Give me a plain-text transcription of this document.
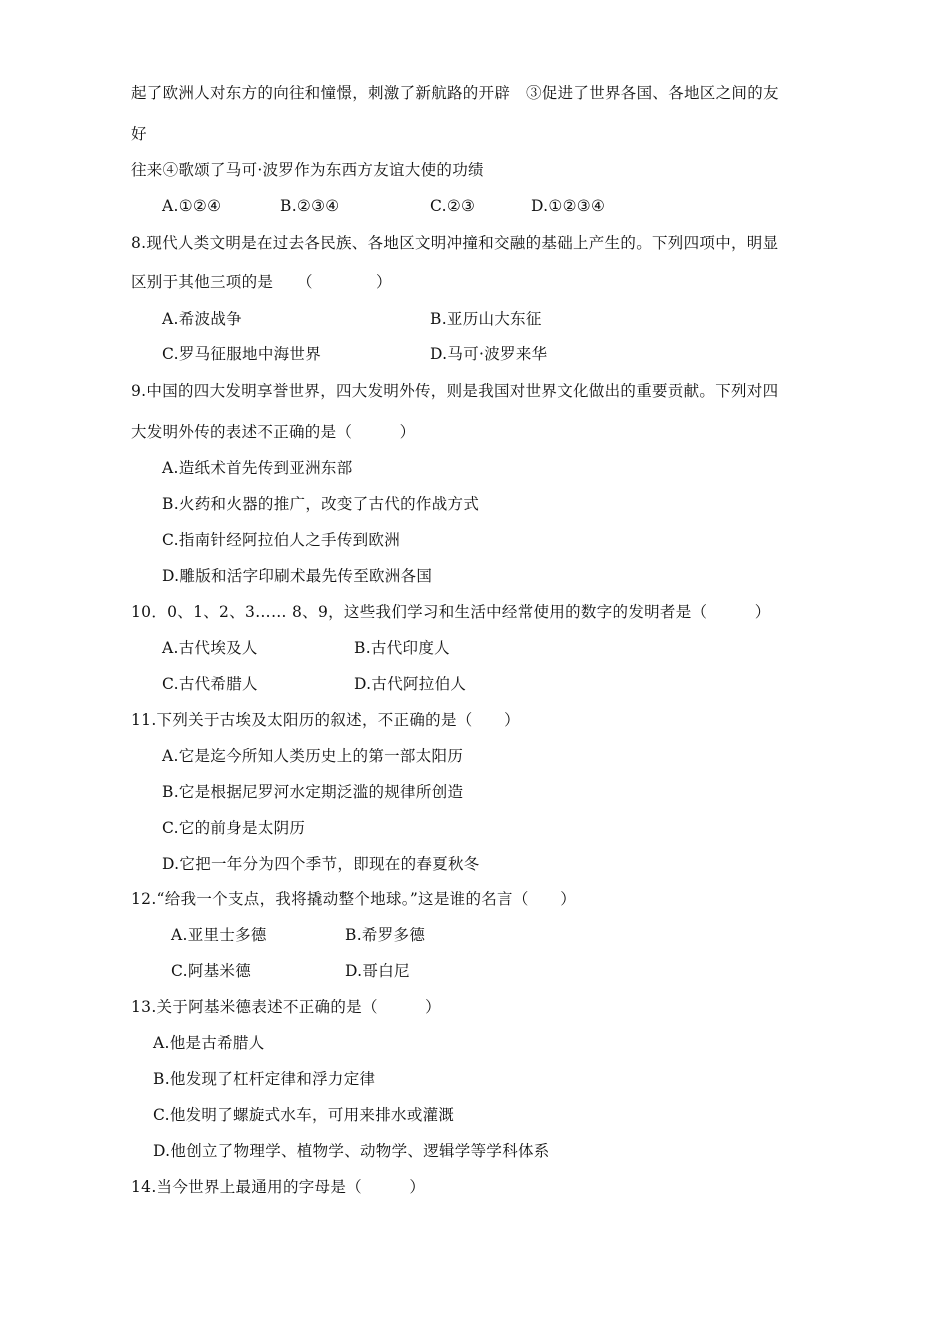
起了欧洲人对东方的向往和憧憬，刺激了新航路的开辟　③促进了世界各国、各地区之间的友
好
往来④歌颂了马可·波罗作为东西方友谊大使的功绩
A.①②④	B.②③④	C.②③	D.①②③④
8.现代人类文明是在过去各民族、各地区文明冲撞和交融的基础上产生的。下列四项中，明显
区别于其他三项的是　　（　　　　）
A.希波战争	B.亚历山大东征
C.罗马征服地中海世界	D.马可·波罗来华
9.中国的四大发明享誉世界，四大发明外传，则是我国对世界文化做出的重要贡献。下列对四
大发明外传的表述不正确的是（　　　）
A.造纸术首先传到亚洲东部
B.火药和火器的推广，改变了古代的作战方式
C.指南针经阿拉伯人之手传到欧洲
D.雕版和活字印刷术最先传至欧洲各国
10．0、1、2、3…… 8、9，这些我们学习和生活中经常使用的数字的发明者是（　　　）
A.古代埃及人	B.古代印度人
C.古代希腊人	D.古代阿拉伯人
11.下列关于古埃及太阳历的叙述，不正确的是（　　）
A.它是迄今所知人类历史上的第一部太阳历
B.它是根据尼罗河水定期泛滥的规律所创造
C.它的前身是太阴历
D.它把一年分为四个季节，即现在的春夏秋冬
12.“给我一个支点，我将撬动整个地球。”这是谁的名言（　　）
A.亚里士多德	B.希罗多德
C.阿基米德	D.哥白尼
13.关于阿基米德表述不正确的是（　　　）
A.他是古希腊人
B.他发现了杠杆定律和浮力定律
C.他发明了螺旋式水车，可用来排水或灌溉
D.他创立了物理学、植物学、动物学、逻辑学等学科体系
14.当今世界上最通用的字母是（　　　）
